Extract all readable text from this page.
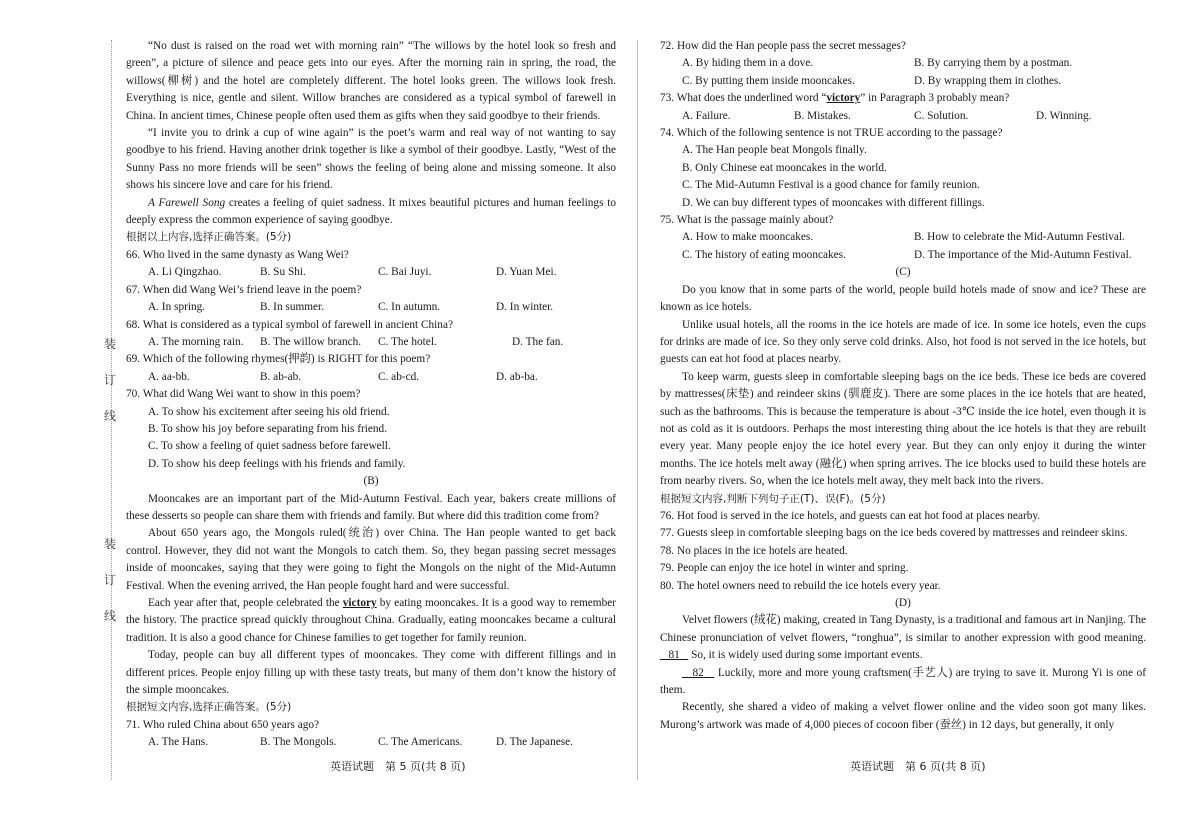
装
订
线
装
订
线

“No dust is raised on the road wet with morning rain” “The willows by the hotel look so fresh and green”, a picture of silence and peace gets into our eyes. After the morning rain in spring, the road, the willows(柳树) and the hotel are completely different. The hotel looks green. The willows look fresh. Everything is nice, gentle and silent. Willow branches are considered as a typical symbol of farewell in China. In ancient times, Chinese people often used them as gifts when they said goodbye to their friends.

“I invite you to drink a cup of wine again” is the poet’s warm and real way of not wanting to say goodbye to his friend. Having another drink together is like a symbol of their goodbye. Lastly, “West of the Sunny Pass no more friends will be seen” shows the feeling of being alone and missing someone. It also shows his sincere love and care for his friend.

A Farewell Song creates a feeling of quiet sadness. It mixes beautiful pictures and human feelings to deeply express the common experience of saying goodbye.

根据以上内容,选择正确答案。(5分)
66. Who lived in the same dynasty as Wang Wei?
A. Li Qingzhao.	B. Su Shi.	C. Bai Juyi.	D. Yuan Mei.
67. When did Wang Wei’s friend leave in the poem?
A. In spring.	B. In summer.	C. In autumn.	D. In winter.
68. What is considered as a typical symbol of farewell in ancient China?
A. The morning rain.	B. The willow branch.	C. The hotel.	D. The fan.
69. Which of the following rhymes(押韵) is RIGHT for this poem?
A. aa-bb.	B. ab-ab.	C. ab-cd.	D. ab-ba.
70. What did Wang Wei want to show in this poem?
A. To show his excitement after seeing his old friend.
B. To show his joy before separating from his friend.
C. To show a feeling of quiet sadness before farewell.
D. To show his deep feelings with his friends and family.
(B)

Mooncakes are an important part of the Mid-Autumn Festival. Each year, bakers create millions of these desserts so people can share them with friends and family. But where did this tradition come from?

About 650 years ago, the Mongols ruled(统治) over China. The Han people wanted to get back control. However, they did not want the Mongols to catch them. So, they began passing secret messages inside of mooncakes, saying that they were going to fight the Mongols on the night of the Mid-Autumn Festival. When the evening arrived, the Han people fought hard and were successful.

Each year after that, people celebrated the victory by eating mooncakes. It is a good way to remember the history. The practice spread quickly throughout China. Gradually, eating mooncakes became a cultural tradition. It is also a good chance for Chinese families to get together for family reunion.

Today, people can buy all different types of mooncakes. They come with different fillings and in different prices. People enjoy filling up with these tasty treats, but many of them don’t know the history of the simple mooncakes.

根据短文内容,选择正确答案。(5分)
71. Who ruled China about 650 years ago?
A. The Hans.	B. The Mongols.	C. The Americans.	D. The Japanese.
英语试题　第 5 页(共 8 页)
72. How did the Han people pass the secret messages?
A. By hiding them in a dove.	B. By carrying them by a postman.
C. By putting them inside mooncakes.	D. By wrapping them in clothes.
73. What does the underlined word “victory” in Paragraph 3 probably mean?
A. Failure.	B. Mistakes.	C. Solution.	D. Winning.
74. Which of the following sentence is not TRUE according to the passage?
A. The Han people beat Mongols finally.
B. Only Chinese eat mooncakes in the world.
C. The Mid-Autumn Festival is a good chance for family reunion.
D. We can buy different types of mooncakes with different fillings.
75. What is the passage mainly about?
A. How to make mooncakes.	B. How to celebrate the Mid-Autumn Festival.
C. The history of eating mooncakes.	D. The importance of the Mid-Autumn Festival.
(C)

Do you know that in some parts of the world, people build hotels made of snow and ice? These are known as ice hotels.

Unlike usual hotels, all the rooms in the ice hotels are made of ice. In some ice hotels, even the cups for drinks are made of ice. So they only serve cold drinks. Also, hot food is not served in the ice hotels, but guests can eat hot food at places nearby.

To keep warm, guests sleep in comfortable sleeping bags on the ice beds. These ice beds are covered by mattresses(床垫) and reindeer skins (驯鹿皮). There are some places in the ice hotels that are heated, such as the bathrooms. This is because the temperature is about -3℃ inside the ice hotel, even though it is not as cold as it is outdoors. Perhaps the most interesting thing about the ice hotels is that they are rebuilt every year. Many people enjoy the ice hotel every year. But they can only enjoy it during the winter months. The ice hotels melt away (融化) when spring arrives. The ice blocks used to build these hotels are from nearby rivers. So, when the ice hotels melt away, they melt back into the rivers.

根据短文内容,判断下列句子正(T)、误(F)。(5分)
76. Hot food is served in the ice hotels, and guests can eat hot food at places nearby.
77. Guests sleep in comfortable sleeping bags on the ice beds covered by mattresses and reindeer skins.
78. No places in the ice hotels are heated.
79. People can enjoy the ice hotel in winter and spring.
80. The hotel owners need to rebuild the ice hotels every year.
(D)

Velvet flowers (绒花) making, created in Tang Dynasty, is a traditional and famous art in Nanjing. The Chinese pronunciation of velvet flowers, “ronghua”, is similar to another expression with good meaning.    81 So, it is widely used during some important events.

82    Luckily, more and more young craftsmen(手艺人) are trying to save it. Murong Yi is one of them.

Recently, she shared a video of making a velvet flower online and the video soon got many likes. Murong’s artwork was made of 4,000 pieces of cocoon fiber (蚕丝) in 12 days, but generally, it only

英语试题　第 6 页(共 8 页)
